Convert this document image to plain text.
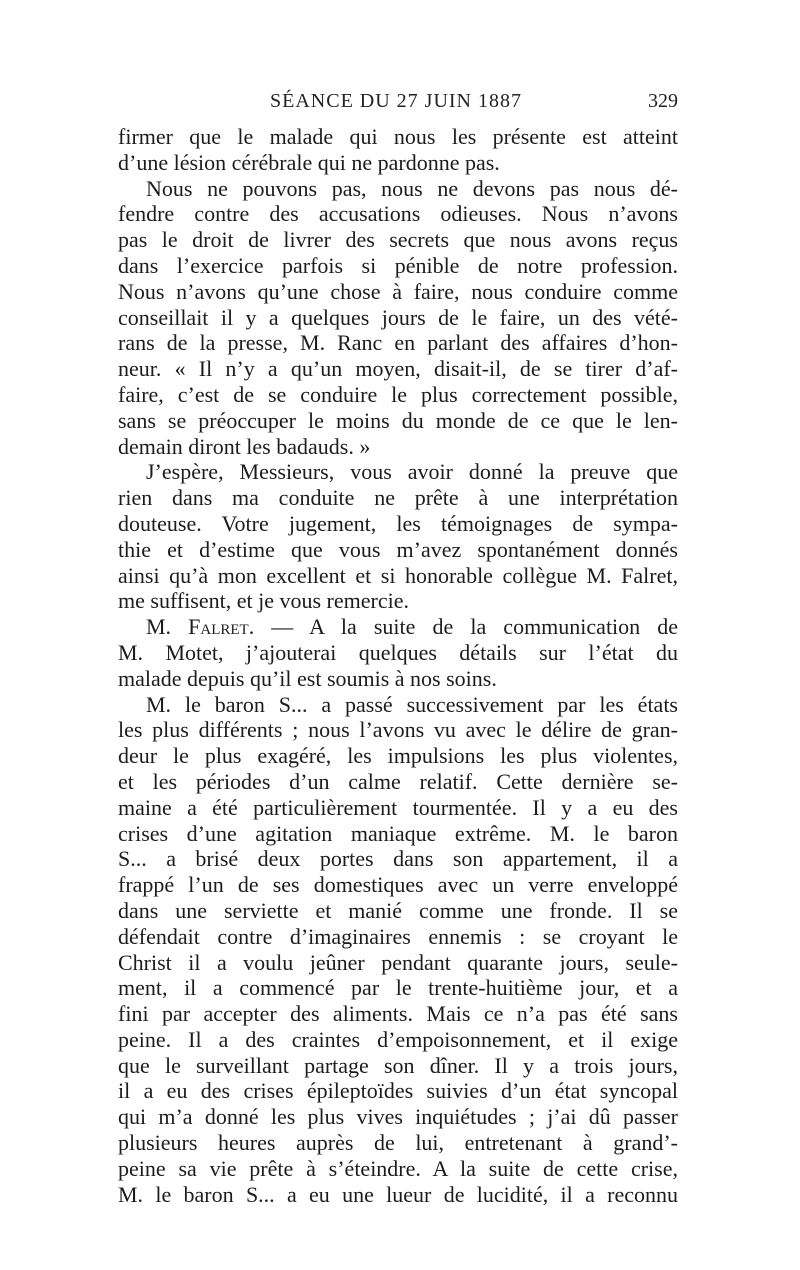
SÉANCE DU 27 JUIN 1887	329
firmer que le malade qui nous les présente est atteint
d’une lésion cérébrale qui ne pardonne pas.
Nous ne pouvons pas, nous ne devons pas nous dé-
fendre contre des accusations odieuses. Nous n’avons
pas le droit de livrer des secrets que nous avons reçus
dans l’exercice parfois si pénible de notre profession.
Nous n’avons qu’une chose à faire, nous conduire comme
conseillait il y a quelques jours de le faire, un des vété-
rans de la presse, M. Ranc en parlant des affaires d’hon-
neur. « Il n’y a qu’un moyen, disait-il, de se tirer d’af-
faire, c’est de se conduire le plus correctement possible,
sans se préoccuper le moins du monde de ce que le len-
demain diront les badauds. »
J’espère, Messieurs, vous avoir donné la preuve que
rien dans ma conduite ne prête à une interprétation
douteuse. Votre jugement, les témoignages de sympa-
thie et d’estime que vous m’avez spontanément donnés
ainsi qu’à mon excellent et si honorable collègue M. Falret,
me suffisent, et je vous remercie.
M. Falret. — A la suite de la communication de
M. Motet, j’ajouterai quelques détails sur l’état du
malade depuis qu’il est soumis à nos soins.
M. le baron S... a passé successivement par les états
les plus différents ; nous l’avons vu avec le délire de gran-
deur le plus exagéré, les impulsions les plus violentes,
et les périodes d’un calme relatif. Cette dernière se-
maine a été particulièrement tourmentée. Il y a eu des
crises d’une agitation maniaque extrême. M. le baron
S... a brisé deux portes dans son appartement, il a
frappé l’un de ses domestiques avec un verre enveloppé
dans une serviette et manié comme une fronde. Il se
défendait contre d’imaginaires ennemis : se croyant le
Christ il a voulu jeûner pendant quarante jours, seule-
ment, il a commencé par le trente-huitième jour, et a
fini par accepter des aliments. Mais ce n’a pas été sans
peine. Il a des craintes d’empoisonnement, et il exige
que le surveillant partage son dîner. Il y a trois jours,
il a eu des crises épileptoïdes suivies d’un état syncopal
qui m’a donné les plus vives inquiétudes ; j’ai dû passer
plusieurs heures auprès de lui, entretenant à grand’-
peine sa vie prête à s’éteindre. A la suite de cette crise,
M. le baron S... a eu une lueur de lucidité, il a reconnu
